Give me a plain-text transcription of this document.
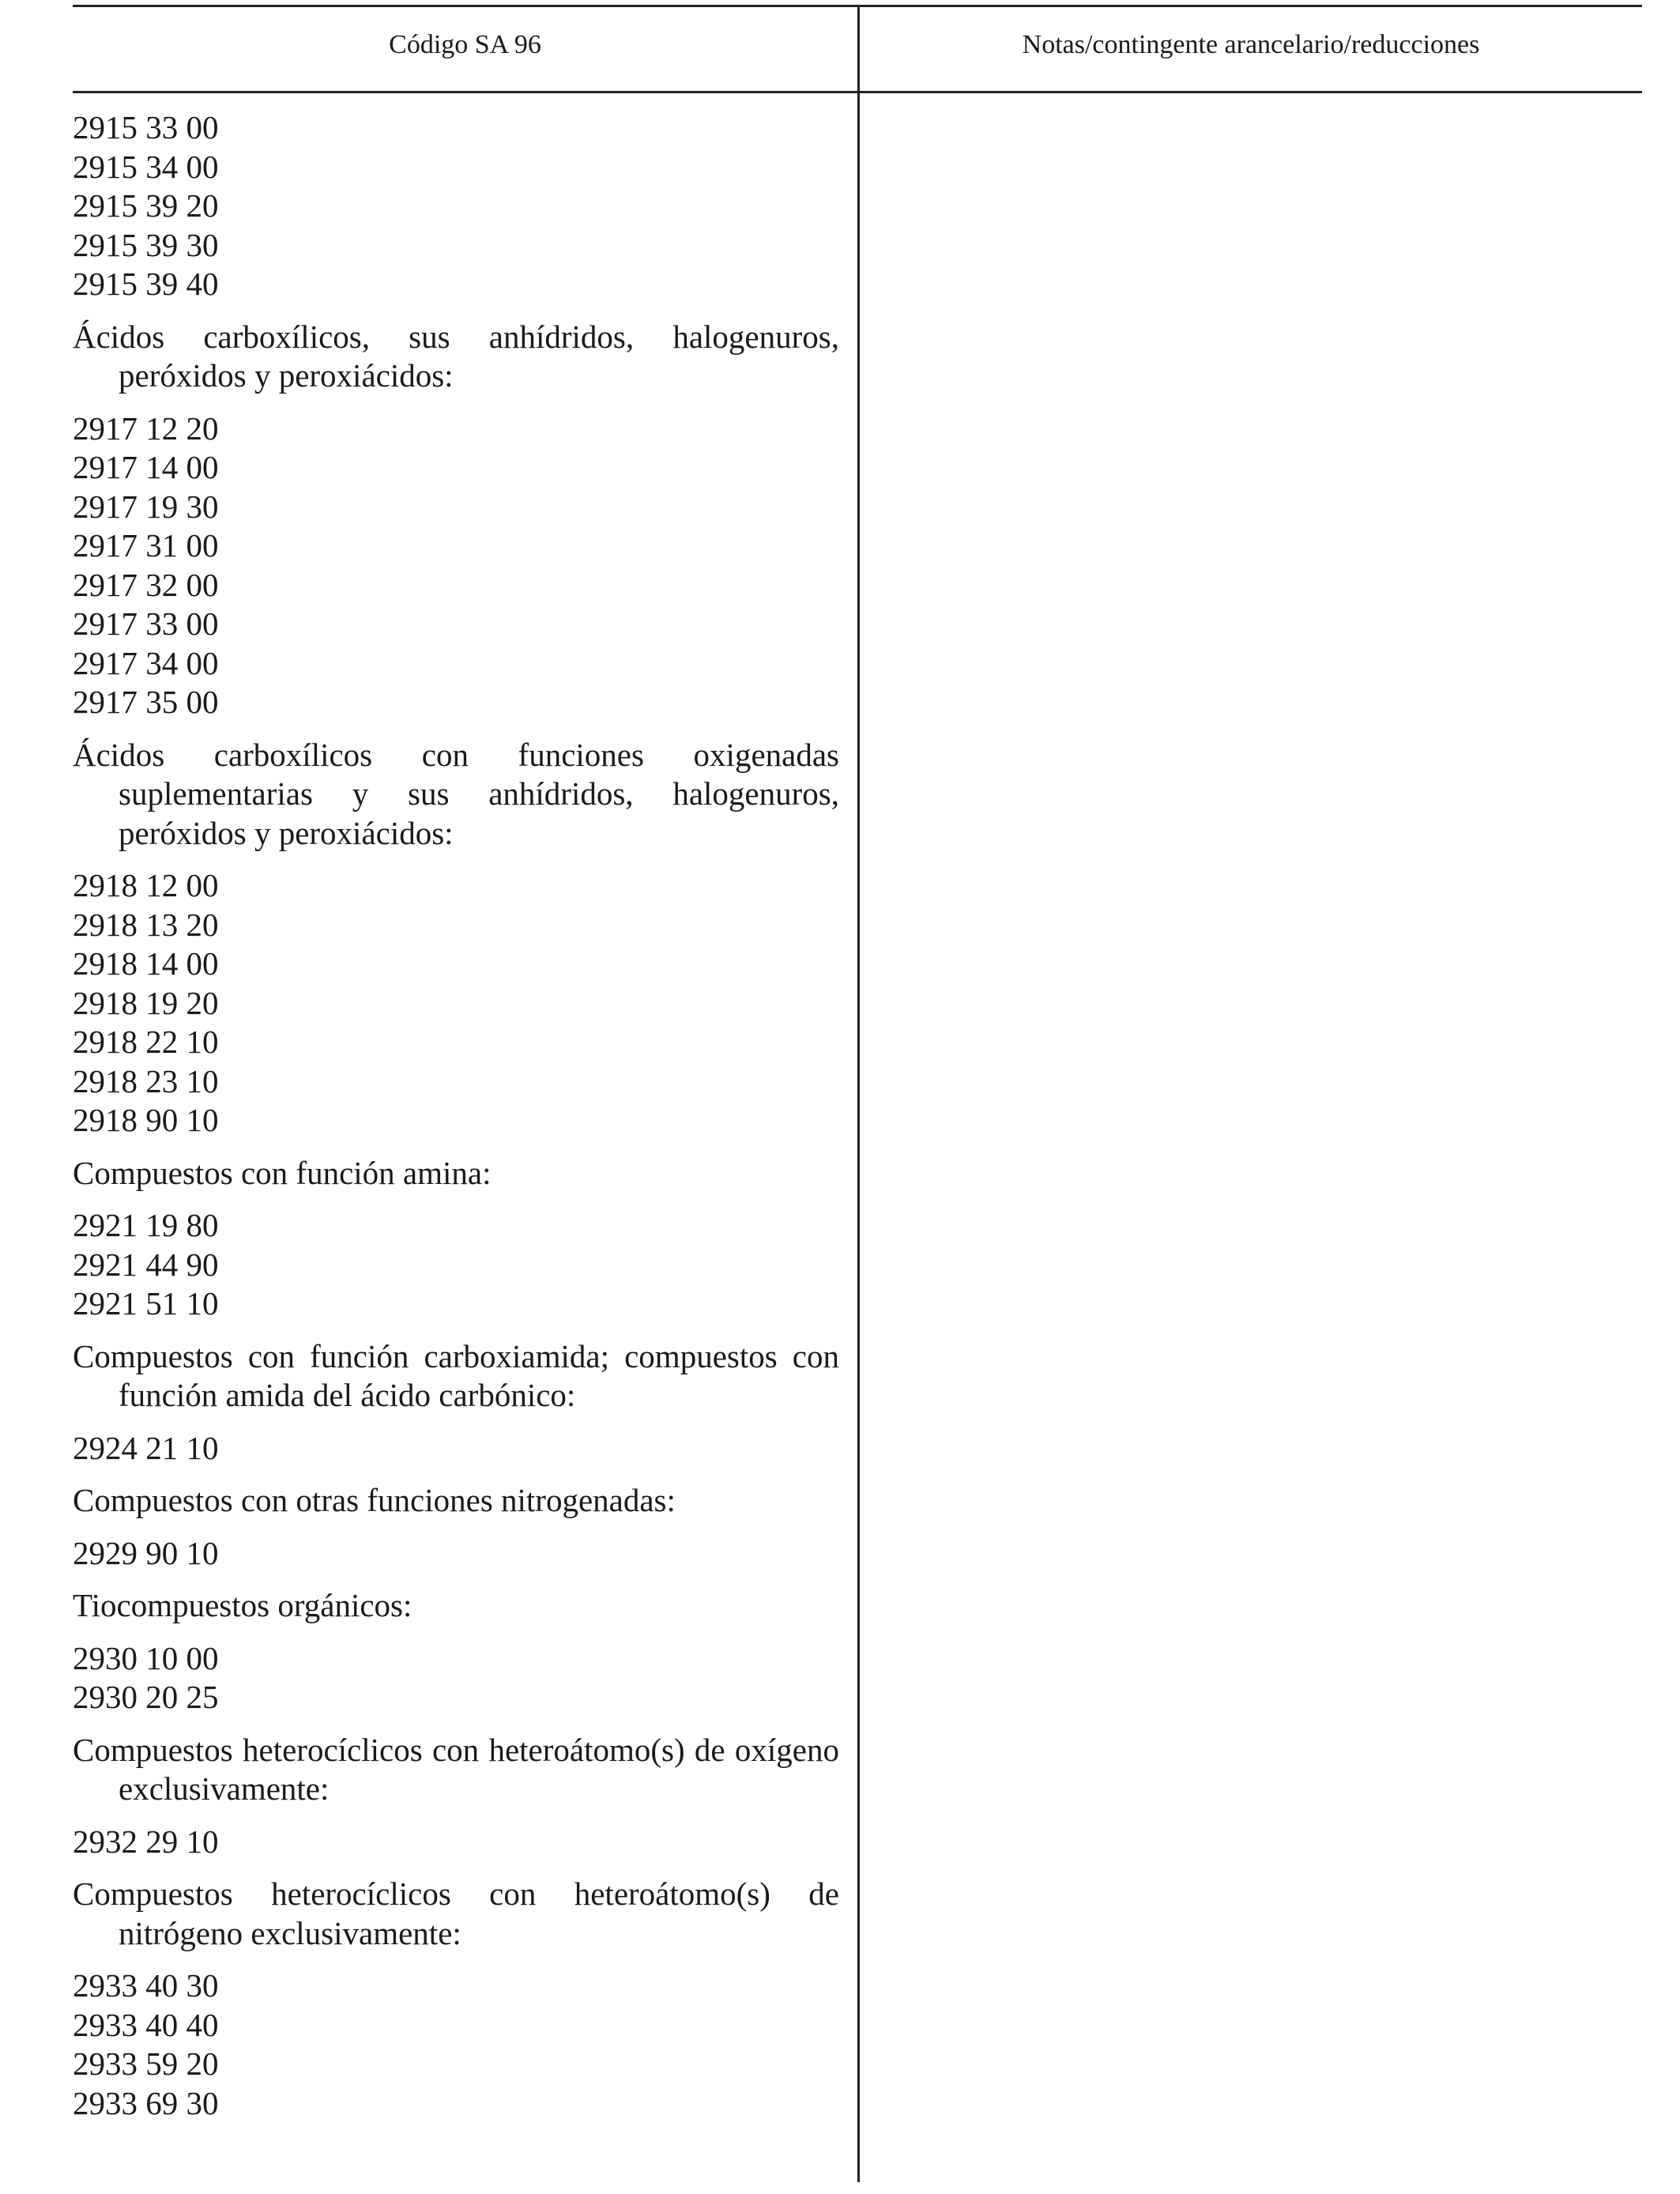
Código SA 96	Notas/contingente arancelario/reducciones
2915 33 00
2915 34 00
2915 39 20
2915 39 30
2915 39 40
Ácidos carboxílicos, sus anhídridos, halogenuros, peróxidos y peroxiácidos:
2917 12 20
2917 14 00
2917 19 30
2917 31 00
2917 32 00
2917 33 00
2917 34 00
2917 35 00
Ácidos carboxílicos con funciones oxigenadas suplementarias y sus anhídridos, halogenuros, peróxidos y peroxiácidos:
2918 12 00
2918 13 20
2918 14 00
2918 19 20
2918 22 10
2918 23 10
2918 90 10
Compuestos con función amina:
2921 19 80
2921 44 90
2921 51 10
Compuestos con función carboxiamida; compuestos con función amida del ácido carbónico:
2924 21 10
Compuestos con otras funciones nitrogenadas:
2929 90 10
Tiocompuestos orgánicos:
2930 10 00
2930 20 25
Compuestos heterocíclicos con heteroátomo(s) de oxígeno exclusivamente:
2932 29 10
Compuestos heterocíclicos con heteroátomo(s) de nitrógeno exclusivamente:
2933 40 30
2933 40 40
2933 59 20
2933 69 30
